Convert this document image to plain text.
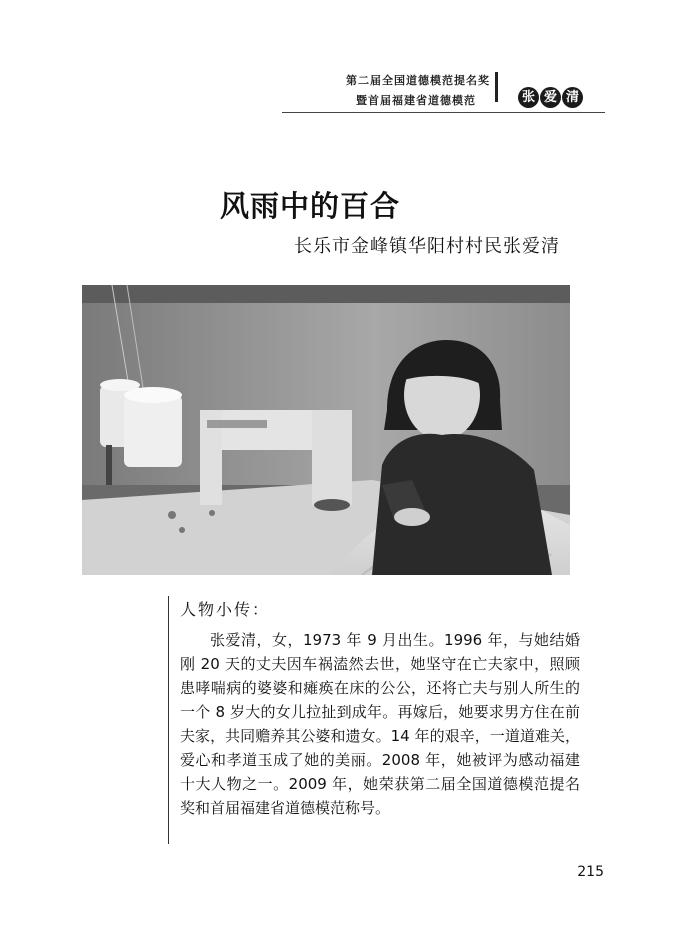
第二届全国道德模范提名奖
暨首届福建省道德模范	张 爱 清
风雨中的百合
长乐市金峰镇华阳村村民张爱清
人物小传：

张爱清，女，1973 年 9 月出生。1996 年，与她结婚刚 20 天的丈夫因车祸溘然去世，她坚守在亡夫家中，照顾患哮喘病的婆婆和瘫痪在床的公公，还将亡夫与别人所生的一个 8 岁大的女儿拉扯到成年。再嫁后，她要求男方住在前夫家，共同赡养其公婆和遗女。14 年的艰辛，一道道难关，爱心和孝道玉成了她的美丽。2008 年，她被评为感动福建十大人物之一。2009 年，她荣获第二届全国道德模范提名奖和首届福建省道德模范称号。

215
